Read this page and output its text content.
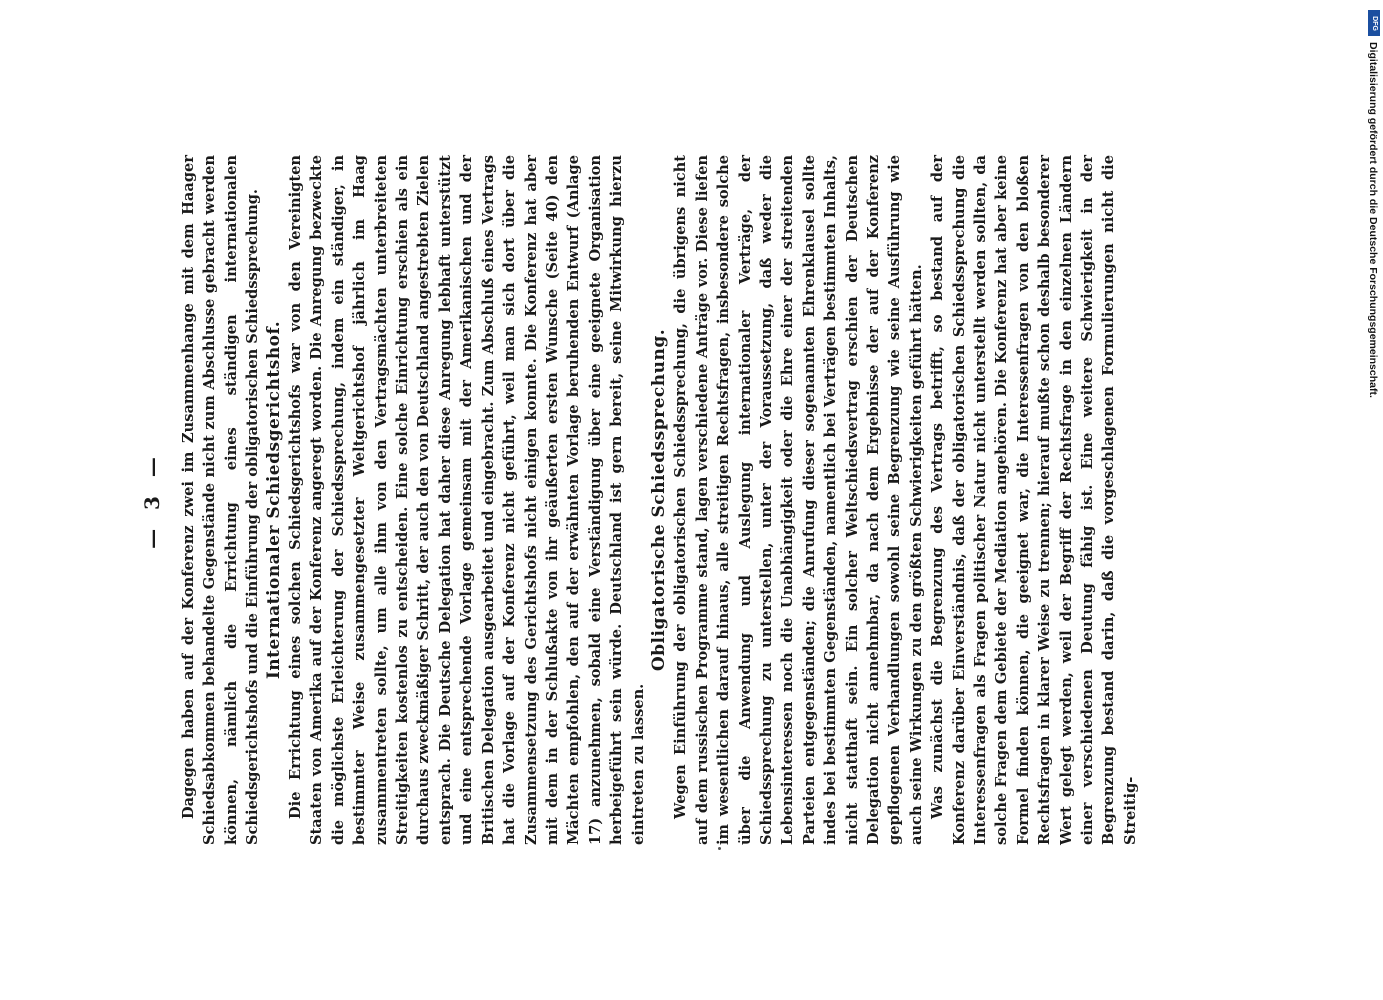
— 3 — Dagegen haben auf der Konferenz zwei im Zusammenhange mit dem Haager Schiedsabkommen behandelte Gegenstände nicht zum Abschlusse gebracht werden können, nämlich die Errichtung eines ständigen internationalen Schiedsgerichtshofs und die Einführung der obligatorischen Schiedssprechung. Internationaler Schiedsgerichtshof. Die Errichtung eines solchen Schiedsgerichtshofs war von den Vereinigten Staaten von Amerika auf der Konferenz angeregt worden. Die Anregung bezweckte die möglichste Erleichterung der Schiedssprechung, indem ein ständiger, in bestimmter Weise zusammengesetzter Weltgerichtshof jährlich im Haag zusammentreten sollte, um alle ihm von den Vertragsmächten unterbreiteten Streitigkeiten kostenlos zu entscheiden. Eine solche Einrichtung erschien als ein durchaus zweckmäßiger Schritt, der auch den von Deutschland angestrebten Zielen entsprach. Die Deutsche Delegation hat daher diese Anregung lebhaft unterstützt und eine entsprechende Vorlage gemeinsam mit der Amerikanischen und der Britischen Delegation ausgearbeitet und eingebracht. Zum Abschluß eines Vertrags hat die Vorlage auf der Konferenz nicht geführt, weil man sich dort über die Zusammensetzung des Gerichtshofs nicht einigen konnte. Die Konferenz hat aber mit dem in der Schlußakte von ihr geäußerten ersten Wunsche (Seite 40) den Mächten empfohlen, den auf der erwähnten Vorlage beruhenden Entwurf (Anlage 17) anzunehmen, sobald eine Verständigung über eine geeignete Organisation herbeigeführt sein würde. Deutschland ist gern bereit, seine Mitwirkung hierzu eintreten zu lassen.

Obligatorische Schiedssprechung. Wegen Einführung der obligatorischen Schiedssprechung, die übrigens nicht auf dem russischen Programme stand, lagen verschiedene Anträge vor. Diese liefen im wesentlichen darauf hinaus, alle streitigen Rechtsfragen, insbesondere solche über die Anwendung und Auslegung internationaler Verträge, der Schiedssprechung zu unterstellen, unter der Voraussetzung, daß weder die Lebensinteressen noch die Unabhängigkeit oder die Ehre einer der streitenden Parteien entgegenständen; die Anrufung dieser sogenannten Ehrenklausel sollte indes bei bestimmten Gegenständen, namentlich bei Verträgen bestimmten Inhalts, nicht statthaft sein. Ein solcher Weltschiedsvertrag erschien der Deutschen Delegation nicht annehmbar, da nach dem Ergebnisse der auf der Konferenz gepflogenen Verhandlungen sowohl seine Begrenzung wie seine Ausführung wie auch seine Wirkungen zu den größten Schwierigkeiten geführt hätten. Was zunächst die Begrenzung des Vertrags betrifft, so bestand auf der Konferenz darüber Einverständnis, daß der obligatorischen Schiedssprechung die Interessenfragen als Fragen politischer Natur nicht unterstellt werden sollten, da solche Fragen dem Gebiete der Mediation angehören. Die Konferenz hat aber keine Formel finden können, die geeignet war, die Interessenfragen von den bloßen Rechtsfragen in klarer Weise zu trennen; hierauf mußte schon deshalb besonderer Wert gelegt werden, weil der Begriff der Rechtsfrage in den einzelnen Ländern einer verschiedenen Deutung fähig ist. Eine weitere Schwierigkeit in der Begrenzung bestand darin, daß die vorgeschlagenen Formulierungen nicht die Streitig-

DFG
Digitalisierung gefördert durch die Deutsche Forschungsgemeinschaft.
